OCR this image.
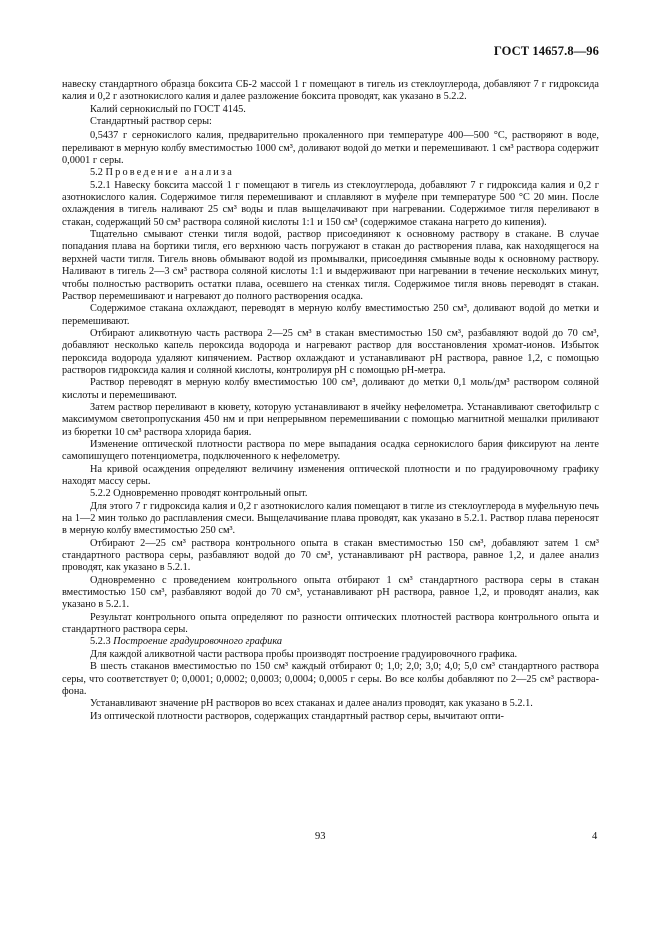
ГОСТ 14657.8—96

навеску стандартного образца боксита СБ-2 массой 1 г помещают в тигель из стеклоуглерода, добавляют 7 г гидроксида калия и 0,2 г азотнокислого калия и далее разложение боксита проводят, как указано в 5.2.2.

Калий сернокислый по ГОСТ 4145.

Стандартный раствор серы:

0,5437 г сернокислого калия, предварительно прокаленного при температуре 400—500 °С, растворяют в воде, переливают в мерную колбу вместимостью 1000 см³, доливают водой до метки и перемешивают. 1 см³ раствора содержит 0,0001 г серы.

5.2 Проведение анализа

5.2.1 Навеску боксита массой 1 г помещают в тигель из стеклоуглерода, добавляют 7 г гидроксида калия и 0,2 г азотнокислого калия. Содержимое тигля перемешивают и сплавляют в муфеле при температуре 500 °С 20 мин. После охлаждения в тигель наливают 25 см³ воды и плав выщелачивают при нагревании. Содержимое тигля переливают в стакан, содержащий 50 см³ раствора соляной кислоты 1:1 и 150 см³ (содержимое стакана нагрето до кипения).

Тщательно смывают стенки тигля водой, раствор присоединяют к основному раствору в стакане. В случае попадания плава на бортики тигля, его верхнюю часть погружают в стакан до растворения плава, как находящегося на верхней части тигля. Тигель вновь обмывают водой из промывалки, присоединяя смывные воды к основному раствору. Наливают в тигель 2—3 см³ раствора соляной кислоты 1:1 и выдерживают при нагревании в течение нескольких минут, чтобы полностью растворить остатки плава, осевшего на стенках тигля. Содержимое тигля вновь переводят в стакан. Раствор перемешивают и нагревают до полного растворения осадка.

Содержимое стакана охлаждают, переводят в мерную колбу вместимостью 250 см³, доливают водой до метки и перемешивают.

Отбирают аликвотную часть раствора 2—25 см³ в стакан вместимостью 150 см³, разбавляют водой до 70 см³, добавляют несколько капель пероксида водорода и нагревают раствор для восстановления хромат-ионов. Избыток пероксида водорода удаляют кипячением. Раствор охлаждают и устанавливают рН раствора, равное 1,2, с помощью растворов гидроксида калия и соляной кислоты, контролируя рН с помощью рН-метра.

Раствор переводят в мерную колбу вместимостью 100 см³, доливают до метки 0,1 моль/дм³ раствором соляной кислоты и перемешивают.

Затем раствор переливают в кювету, которую устанавливают в ячейку нефелометра. Устанавливают светофильтр с максимумом светопропускания 450 нм и при непрерывном перемешивании с помощью магнитной мешалки приливают из бюретки 10 см³ раствора хлорида бария.

Изменение оптической плотности раствора по мере выпадания осадка сернокислого бария фиксируют на ленте самопишущего потенциометра, подключенного к нефелометру.

На кривой осаждения определяют величину изменения оптической плотности и по градуировочному графику находят массу серы.

5.2.2 Одновременно проводят контрольный опыт.

Для этого 7 г гидроксида калия и 0,2 г азотнокислого калия помещают в тигле из стеклоуглерода в муфельную печь на 1—2 мин только до расплавления смеси. Выщелачивание плава проводят, как указано в 5.2.1. Раствор плава переносят в мерную колбу вместимостью 250 см³.

Отбирают 2—25 см³ раствора контрольного опыта в стакан вместимостью 150 см³, добавляют затем 1 см³ стандартного раствора серы, разбавляют водой до 70 см³, устанавливают рН раствора, равное 1,2, и далее анализ проводят, как указано в 5.2.1.

Одновременно с проведением контрольного опыта отбирают 1 см³ стандартного раствора серы в стакан вместимостью 150 см³, разбавляют водой до 70 см³, устанавливают рН раствора, равное 1,2, и проводят анализ, как указано в 5.2.1.

Результат контрольного опыта определяют по разности оптических плотностей раствора контрольного опыта и стандартного раствора серы.

5.2.3 Построение градуировочного графика

Для каждой аликвотной части раствора пробы производят построение градуировочного графика.

В шесть стаканов вместимостью по 150 см³ каждый отбирают 0; 1,0; 2,0; 3,0; 4,0; 5,0 см³ стандартного раствора серы, что соответствует 0; 0,0001; 0,0002; 0,0003; 0,0004; 0,0005 г серы. Во все колбы добавляют по 2—25 см³ раствора-фона.

Устанавливают значение рН растворов во всех стаканах и далее анализ проводят, как указано в 5.2.1.

Из оптической плотности растворов, содержащих стандартный раствор серы, вычитают опти-

93	4
